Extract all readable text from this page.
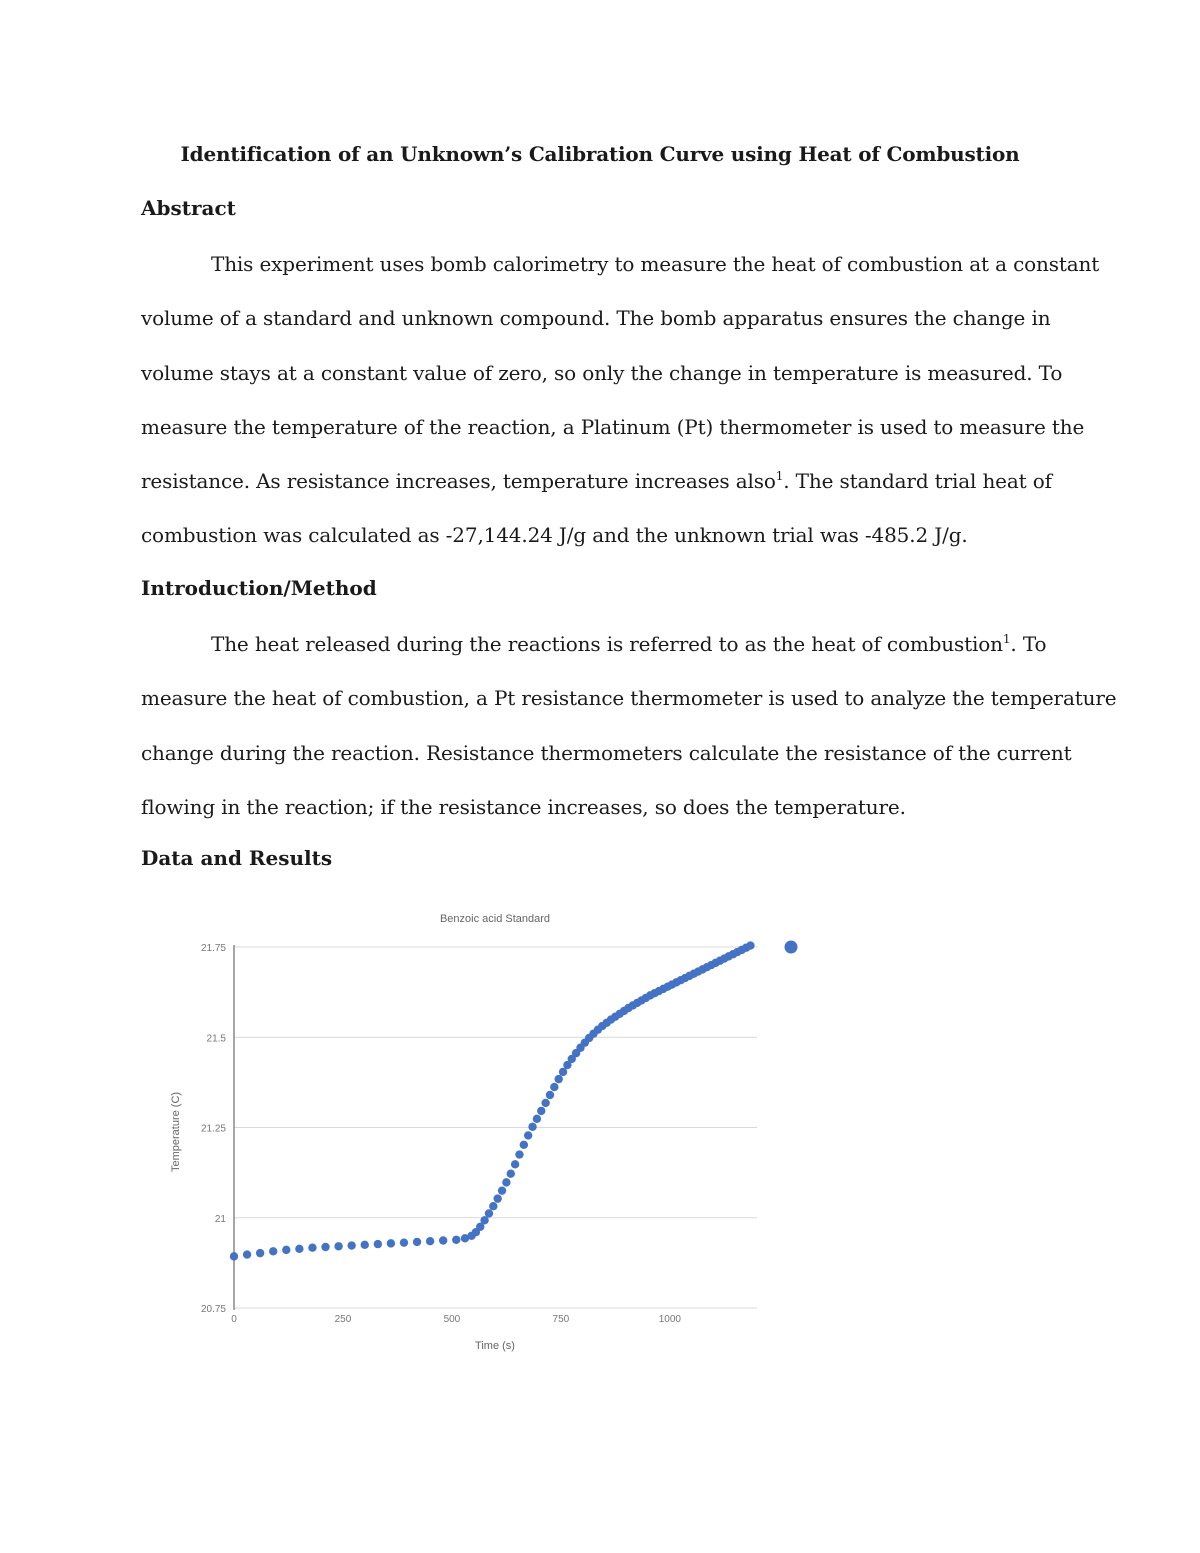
Identification of an Unknown’s Calibration Curve using Heat of Combustion
Abstract
This experiment uses bomb calorimetry to measure the heat of combustion at a constant
volume of a standard and unknown compound. The bomb apparatus ensures the change in
volume stays at a constant value of zero, so only the change in temperature is measured. To
measure the temperature of the reaction, a Platinum (Pt) thermometer is used to measure the
resistance. As resistance increases, temperature increases also$^1$. The standard trial heat of
combustion was calculated as -27,144.24 J/g and the unknown trial was -485.2 J/g.
Introduction/Method
The heat released during the reactions is referred to as the heat of combustion$^1$. To
measure the heat of combustion, a Pt resistance thermometer is used to analyze the temperature
change during the reaction. Resistance thermometers calculate the resistance of the current
flowing in the reaction; if the resistance increases, so does the temperature.
Data and Results
Benzoic acid Standard
20.75
21
21.25
21.5
21.75
0	250	500	750	1000
Time (s)
Temperature (C)
